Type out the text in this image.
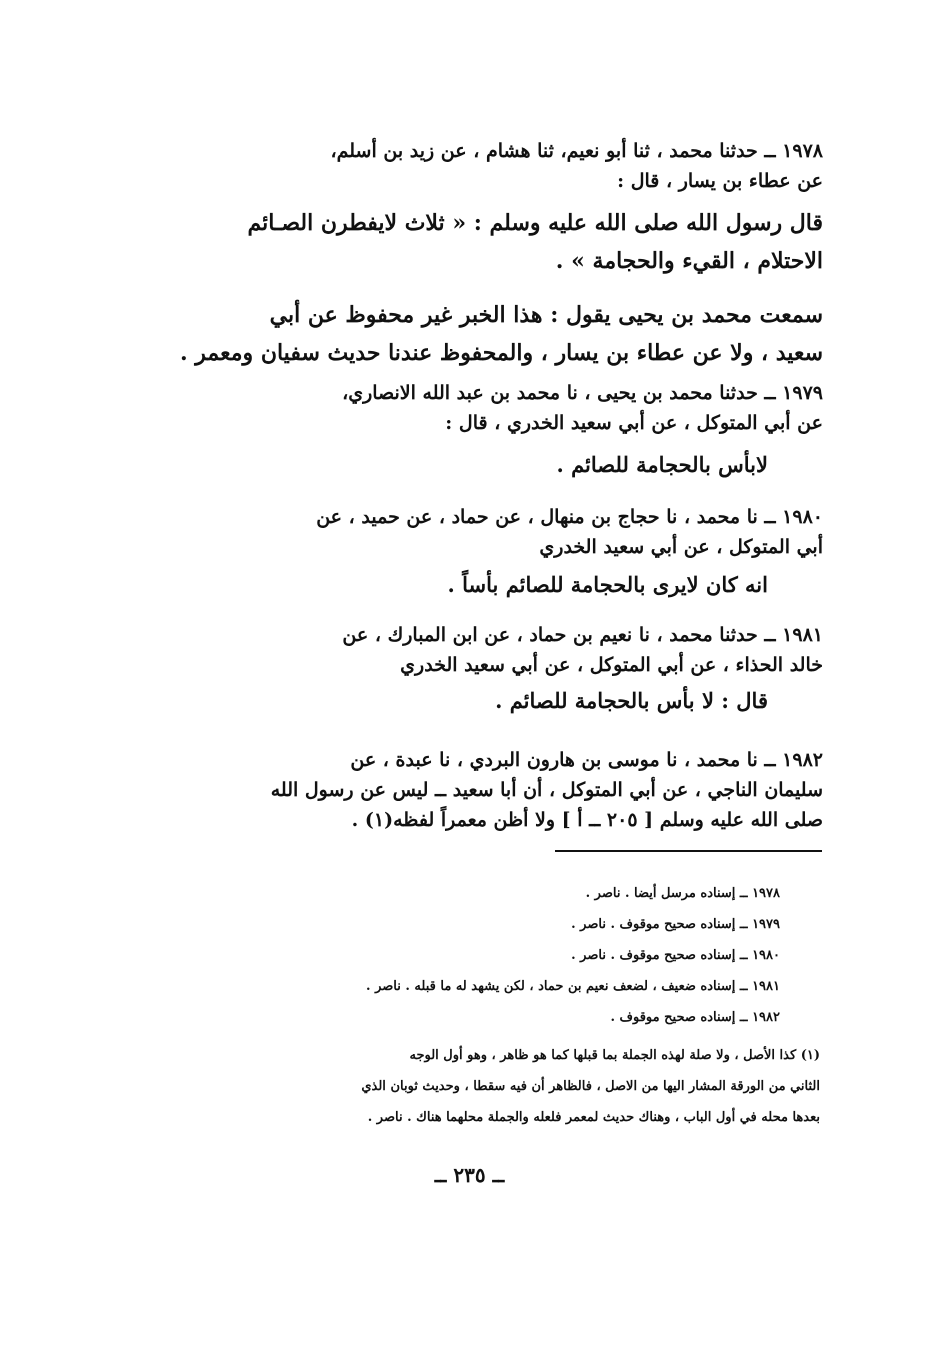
١٩٧٨ ــ حدثنا محمد ، ثنا أبو نعيم، ثنا هشام ، عن زيد بن أسلم،
عن عطاء بن يسار ، قال :
قال رسول الله صلى الله عليه وسلم : « ثلاث لايفطرن الصـائم
الاحتلام ، القيء والحجامة » .
سمعت محمد بن يحيى يقول : هذا الخبر غير محفوظ عن أبي
سعيد ، ولا عن عطاء بن يسار ، والمحفوظ عندنا حديث سفيان ومعمر .
١٩٧٩ ــ حدثنا محمد بن يحيى ، نا محمد بن عبد الله الانصاري،
عن أبي المتوكل ، عن أبي سعيد الخدري ، قال :
لابأس بالحجامة للصائم .
١٩٨٠ ــ نا محمد ، نا حجاج بن منهال ، عن حماد ، عن حميد ، عن
أبي المتوكل ، عن أبي سعيد الخدري
انه كان لايرى بالحجامة للصائم بأساً .
١٩٨١ ــ حدثنا محمد ، نا نعيم بن حماد ، عن ابن المبارك ، عن
خالد الحذاء ، عن أبي المتوكل ، عن أبي سعيد الخدري
قال : لا بأس بالحجامة للصائم .
١٩٨٢ ــ نا محمد ، نا موسى بن هارون البردي ، نا عبدة ، عن
سليمان الناجي ، عن أبي المتوكل ، أن أبا سعيد ــ ليس عن رسول الله
صلى الله عليه وسلم [ ٢٠٥ ــ أ ] ولا أظن معمراً لفظه(١) .
١٩٧٨ ــ إسناده مرسل أيضا . ناصر .
١٩٧٩ ــ إسناده صحيح موقوف . ناصر .
١٩٨٠ ــ إسناده صحيح موقوف . ناصر .
١٩٨١ ــ إسناده ضعيف ، لضعف نعيم بن حماد ، لكن يشهد له ما قبله . ناصر .
١٩٨٢ ــ إسناده صحيح موقوف .
(١) كذا الأصل ، ولا صلة لهذه الجملة بما قبلها كما هو ظاهر ، وهو أول الوجه
الثاني من الورقة المشار اليها من الاصل ، فالظاهر أن فيه سقطا ، وحديث ثوبان الذي
بعدها محله في أول الباب ، وهناك حديث لمعمر فلعله والجملة محلهما هناك . ناصر .
ــ ٢٣٥ ــ
